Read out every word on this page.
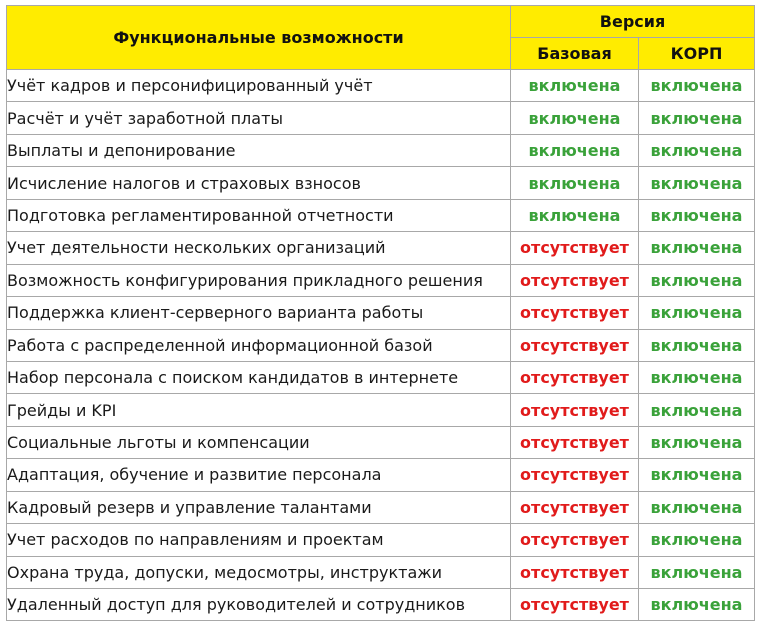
Функциональные возможности	Версия	
	Базовая	КОРП
Учёт кадров и персонифицированный учёт	включена	включена
Расчёт и учёт заработной платы	включена	включена
Выплаты и депонирование	включена	включена
Исчисление налогов и страховых взносов	включена	включена
Подготовка регламентированной отчетности	включена	включена
Учет деятельности нескольких организаций	отсутствует	включена
Возможность конфигурирования прикладного решения	отсутствует	включена
Поддержка клиент-серверного варианта работы	отсутствует	включена
Работа с распределенной информационной базой	отсутствует	включена
Набор персонала с поиском кандидатов в интернете	отсутствует	включена
Грейды и KPI	отсутствует	включена
Социальные льготы и компенсации	отсутствует	включена
Адаптация, обучение и развитие персонала	отсутствует	включена
Кадровый резерв и управление талантами	отсутствует	включена
Учет расходов по направлениям и проектам	отсутствует	включена
Охрана труда, допуски, медосмотры, инструктажи	отсутствует	включена
Удаленный доступ для руководителей и сотрудников	отсутствует	включена
